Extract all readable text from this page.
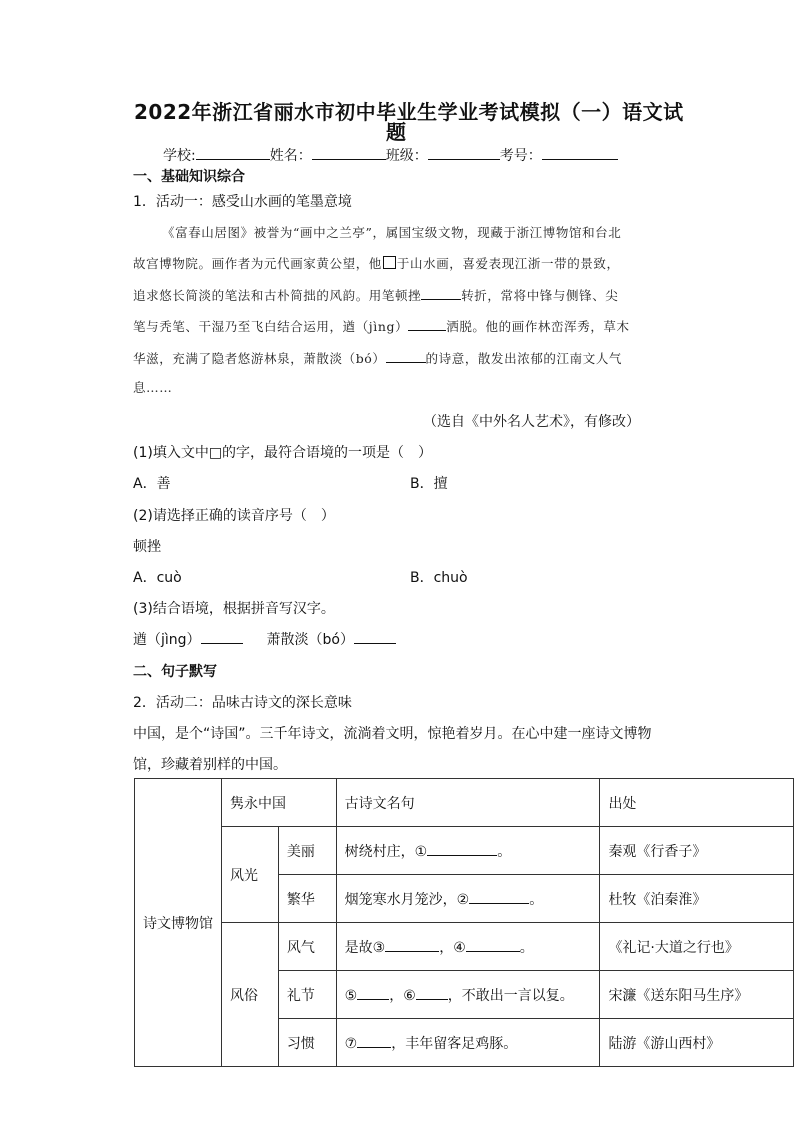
2022年浙江省丽水市初中毕业生学业考试模拟（一）语文试
题
学校:	姓名：	班级：	考号：
一、基础知识综合
1．活动一：感受山水画的笔墨意境
《富春山居图》被誉为“画中之兰亭”，属国宝级文物，现藏于浙江博物馆和台北
故宫博物院。画作者为元代画家黄公望，他 于山水画，喜爱表现江浙一带的景致，
追求悠长简淡的笔法和古朴简拙的风韵。用笔顿挫	转折，常将中锋与侧锋、尖
笔与秃笔、干湿乃至飞白结合运用，遒（jìng）	洒脱。他的画作林峦浑秀，草木
华滋，充满了隐者悠游林泉，萧散淡（bó）	的诗意，散发出浓郁的江南文人气
息……
（选自《中外名人艺术》，有修改）
(1)填入文中□的字，最符合语境的一项是（　）
A．善	B．擅
(2)请选择正确的读音序号（　）
顿挫
A．cuò	B．chuò
(3)结合语境，根据拼音写汉字。
遒（jìng）	萧散淡（bó）
二、句子默写
2．活动二：品味古诗文的深长意味
中国，是个“诗国”。三千年诗文，流淌着文明，惊艳着岁月。在心中建一座诗文博物
馆，珍藏着别样的中国。
诗文博物馆	隽永中国		古诗文名句	出处
	风光	美丽	树绕村庄，① 。	秦观《行香子》
		繁华	烟笼寒水月笼沙，② 。	杜牧《泊秦淮》
	风俗	风气	是故③ ，④ 。	《礼记·大道之行也》
		礼节	⑤ ，⑥ ，不敢出一言以复。	宋濂《送东阳马生序》
		习惯	⑦ ，丰年留客足鸡豚。	陆游《游山西村》
